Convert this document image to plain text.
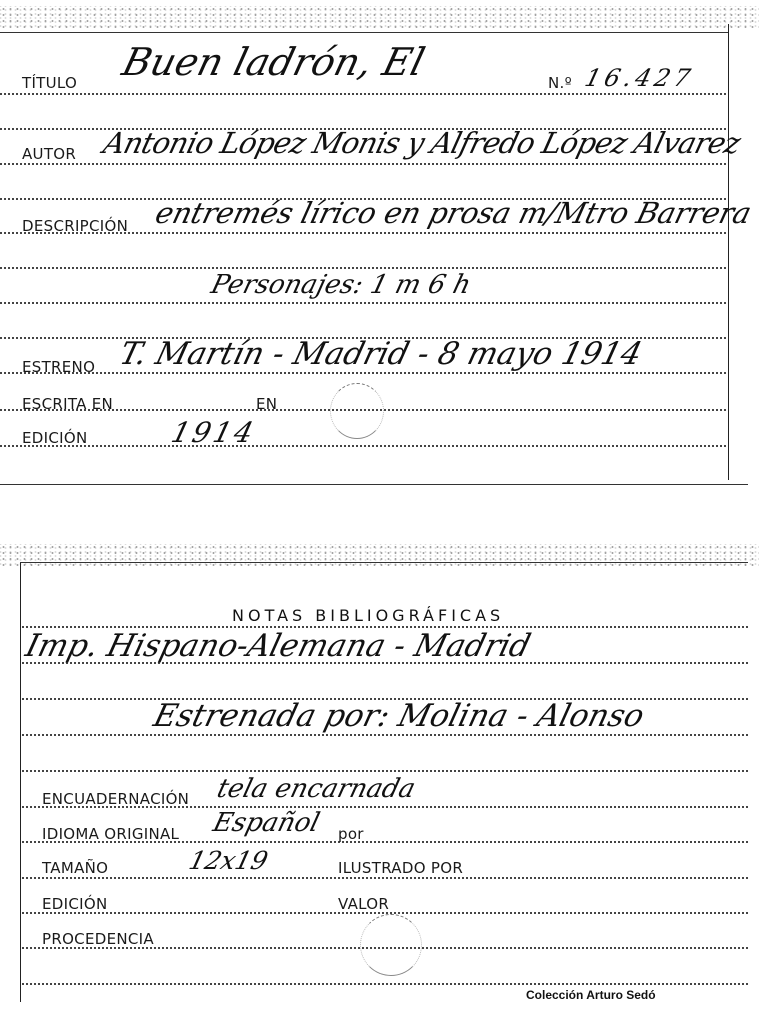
TÍTULO Buen ladrón, El	N.º 16.427
AUTOR Antonio López Monis y Alfredo López Alvarez
DESCRIPCIÓN entremés lírico en prosa m/Mtro Barrera
Personajes: 1 m 6 h
ESTRENO T. Martín - Madrid - 8 mayo 1914
ESCRITA EN	EN
EDICIÓN	1914
NOTAS BIBLIOGRÁFICAS
Imp. Hispano-Alemana - Madrid
Estrenada por: Molina - Alonso
ENCUADERNACIÓN tela encarnada
IDIOMA ORIGINAL Español por
TAMAÑO	12x19	ILUSTRADO POR
EDICIÓN	VALOR
PROCEDENCIA
Colección Arturo Sedó
